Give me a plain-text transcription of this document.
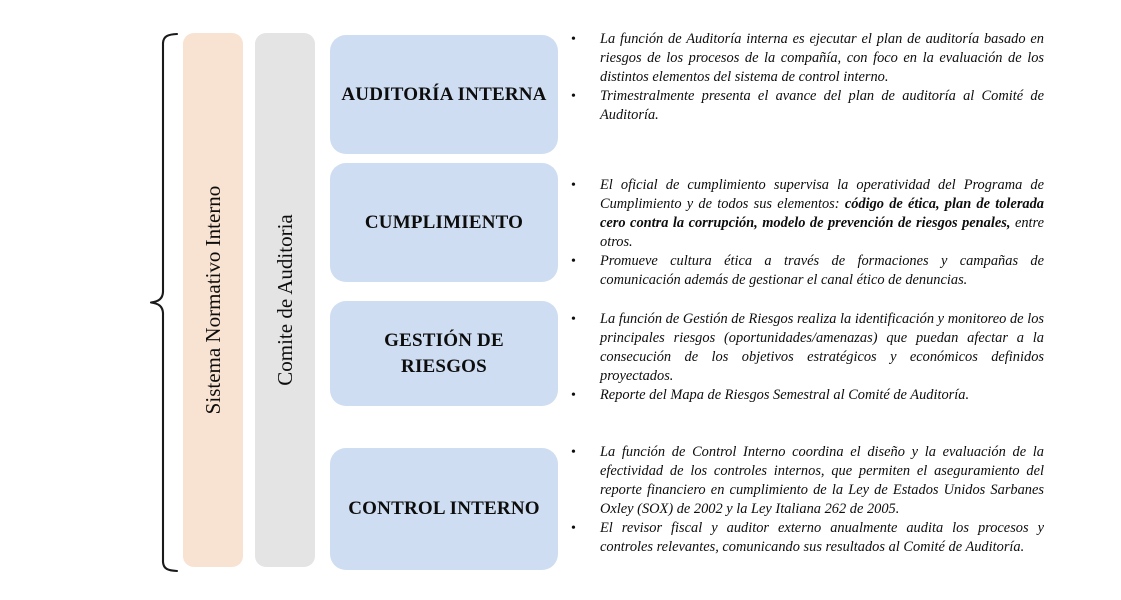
Sistema Normativo Interno Comite de Auditoria
AUDITORÍA INTERNA
CUMPLIMIENTO
GESTIÓN DE RIESGOS
CONTROL INTERNO
•	La función de Auditoría interna es ejecutar el plan de auditoría basado en riesgos de los procesos de la compañía, con foco en la evaluación de los distintos elementos del sistema de control interno.
•	Trimestralmente presenta el avance del plan de auditoría al Comité de Auditoría.
•	El oficial de cumplimiento supervisa la operatividad del Programa de Cumplimiento y de todos sus elementos: código de ética, plan de tolerada cero contra la corrupción, modelo de prevención de riesgos penales, entre otros.
•	Promueve cultura ética a través de formaciones y campañas de comunicación además de gestionar el canal ético de denuncias.
•	La función de Gestión de Riesgos realiza la identificación y monitoreo de los principales riesgos (oportunidades/amenazas) que puedan afectar a la consecución de los objetivos estratégicos y económicos definidos proyectados.
•	Reporte del Mapa de Riesgos Semestral al Comité de Auditoría.
•	La función de Control Interno coordina el diseño y la evaluación de la efectividad de los controles internos, que permiten el aseguramiento del reporte financiero en cumplimiento de la Ley de Estados Unidos Sarbanes Oxley (SOX) de 2002 y la Ley Italiana 262 de 2005.
•	El revisor fiscal y auditor externo anualmente audita los procesos y controles relevantes, comunicando sus resultados al Comité de Auditoría.
